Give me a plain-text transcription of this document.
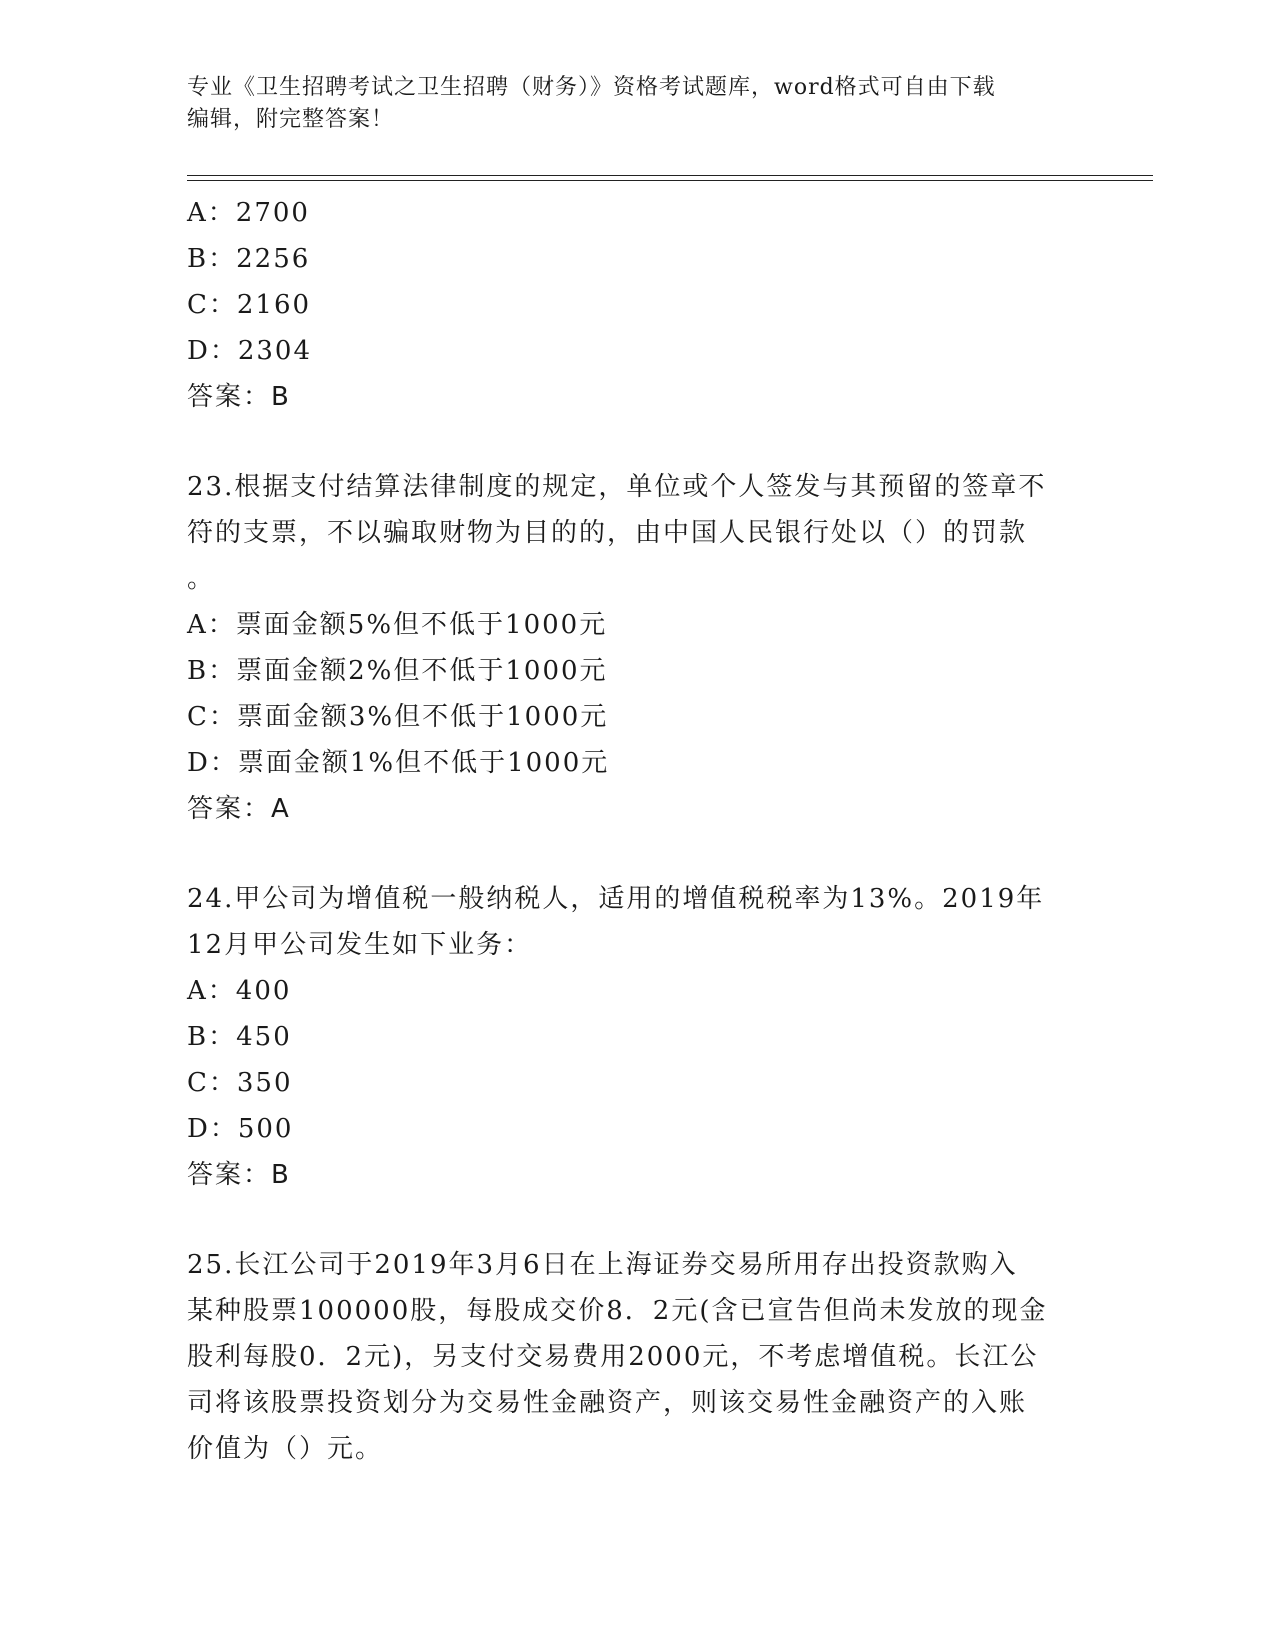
专业《卫生招聘考试之卫生招聘（财务）》资格考试题库，word格式可自由下载
编辑，附完整答案！
A：2700
B：2256
C：2160
D：2304
答案：B
23.根据支付结算法律制度的规定，单位或个人签发与其预留的签章不
符的支票，不以骗取财物为目的的，由中国人民银行处以（）的罚款
。
A：票面金额5%但不低于1000元
B：票面金额2%但不低于1000元
C：票面金额3%但不低于1000元
D：票面金额1%但不低于1000元
答案：A
24.甲公司为增值税一般纳税人，适用的增值税税率为13%。2019年
12月甲公司发生如下业务：
A：400
B：450
C：350
D：500
答案：B
25.长江公司于2019年3月6日在上海证券交易所用存出投资款购入
某种股票100000股，每股成交价8．2元(含已宣告但尚未发放的现金
股利每股0．2元)，另支付交易费用2000元，不考虑增值税。长江公
司将该股票投资划分为交易性金融资产，则该交易性金融资产的入账
价值为（）元。
